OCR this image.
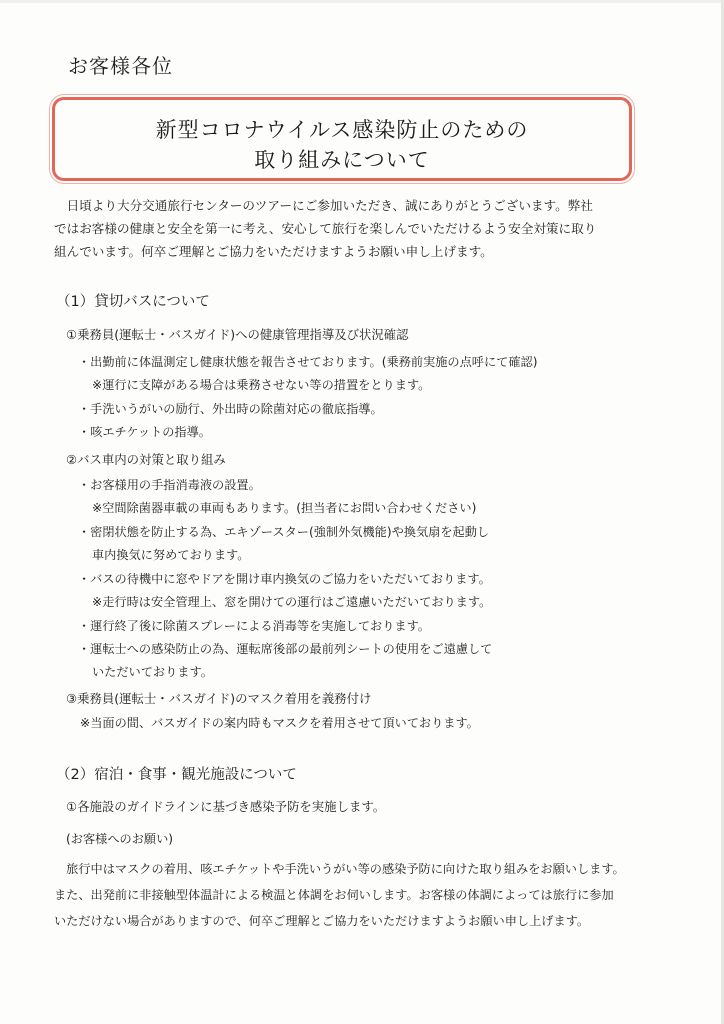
お客様各位
新型コロナウイルス感染防止のための
取り組みについて
　日頃より大分交通旅行センターのツアーにご参加いただき、誠にありがとうございます。弊社
ではお客様の健康と安全を第一に考え、安心して旅行を楽しんでいただけるよう安全対策に取り
組んでいます。何卒ご理解とご協力をいただけますようお願い申し上げます。
（1）貸切バスについて
①乗務員(運転士・バスガイド)への健康管理指導及び状況確認
・出勤前に体温測定し健康状態を報告させております。(乗務前実施の点呼にて確認)
※運行に支障がある場合は乗務させない等の措置をとります。
・手洗いうがいの励行、外出時の除菌対応の徹底指導。
・咳エチケットの指導。
②バス車内の対策と取り組み
・お客様用の手指消毒液の設置。
※空間除菌器車載の車両もあります。(担当者にお問い合わせください)
・密閉状態を防止する為、エキゾースター(強制外気機能)や換気扇を起動し
車内換気に努めております。
・バスの待機中に窓やドアを開け車内換気のご協力をいただいております。
※走行時は安全管理上、窓を開けての運行はご遠慮いただいております。
・運行終了後に除菌スプレーによる消毒等を実施しております。
・運転士への感染防止の為、運転席後部の最前列シートの使用をご遠慮して
いただいております。
③乗務員(運転士・バスガイド)のマスク着用を義務付け
※当面の間、バスガイドの案内時もマスクを着用させて頂いております。
（2）宿泊・食事・観光施設について
①各施設のガイドラインに基づき感染予防を実施します。
(お客様へのお願い)
　旅行中はマスクの着用、咳エチケットや手洗いうがい等の感染予防に向けた取り組みをお願いします。
また、出発前に非接触型体温計による検温と体調をお伺いします。お客様の体調によっては旅行に参加
いただけない場合がありますので、何卒ご理解とご協力をいただけますようお願い申し上げます。
